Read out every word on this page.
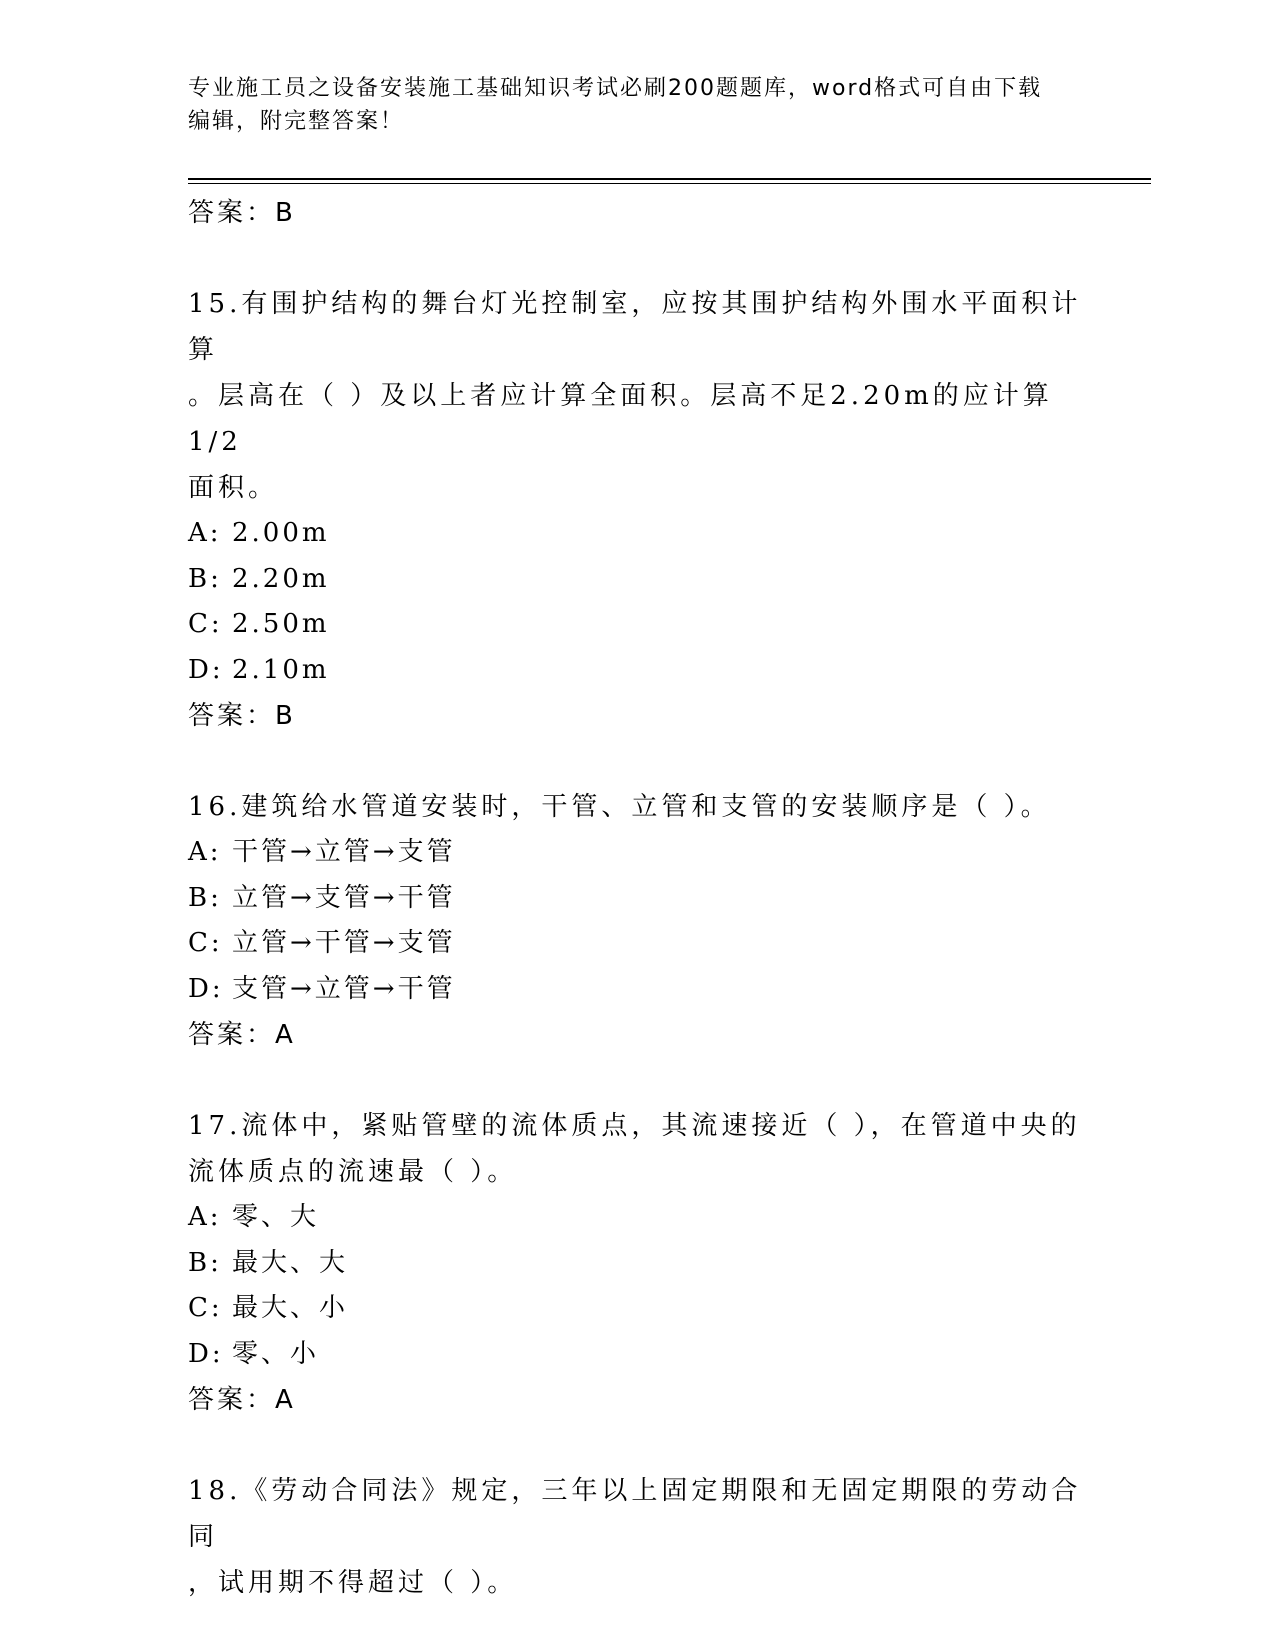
专业施工员之设备安装施工基础知识考试必刷200题题库，word格式可自由下载
编辑，附完整答案！

答案：B

15.有围护结构的舞台灯光控制室，应按其围护结构外围水平面积计算

。层高在（ ）及以上者应计算全面积。层高不足2.20m的应计算1/2

面积。

A: 2.00m

B: 2.20m

C: 2.50m

D: 2.10m

答案：B

16.建筑给水管道安装时，干管、立管和支管的安装顺序是（ ）。

A: 干管→立管→支管

B: 立管→支管→干管

C: 立管→干管→支管

D: 支管→立管→干管

答案：A

17.流体中，紧贴管壁的流体质点，其流速接近（ ），在管道中央的

流体质点的流速最（ ）。

A: 零、大

B: 最大、大

C: 最大、小

D: 零、小

答案：A

18.《劳动合同法》规定，三年以上固定期限和无固定期限的劳动合同

，试用期不得超过（ ）。
